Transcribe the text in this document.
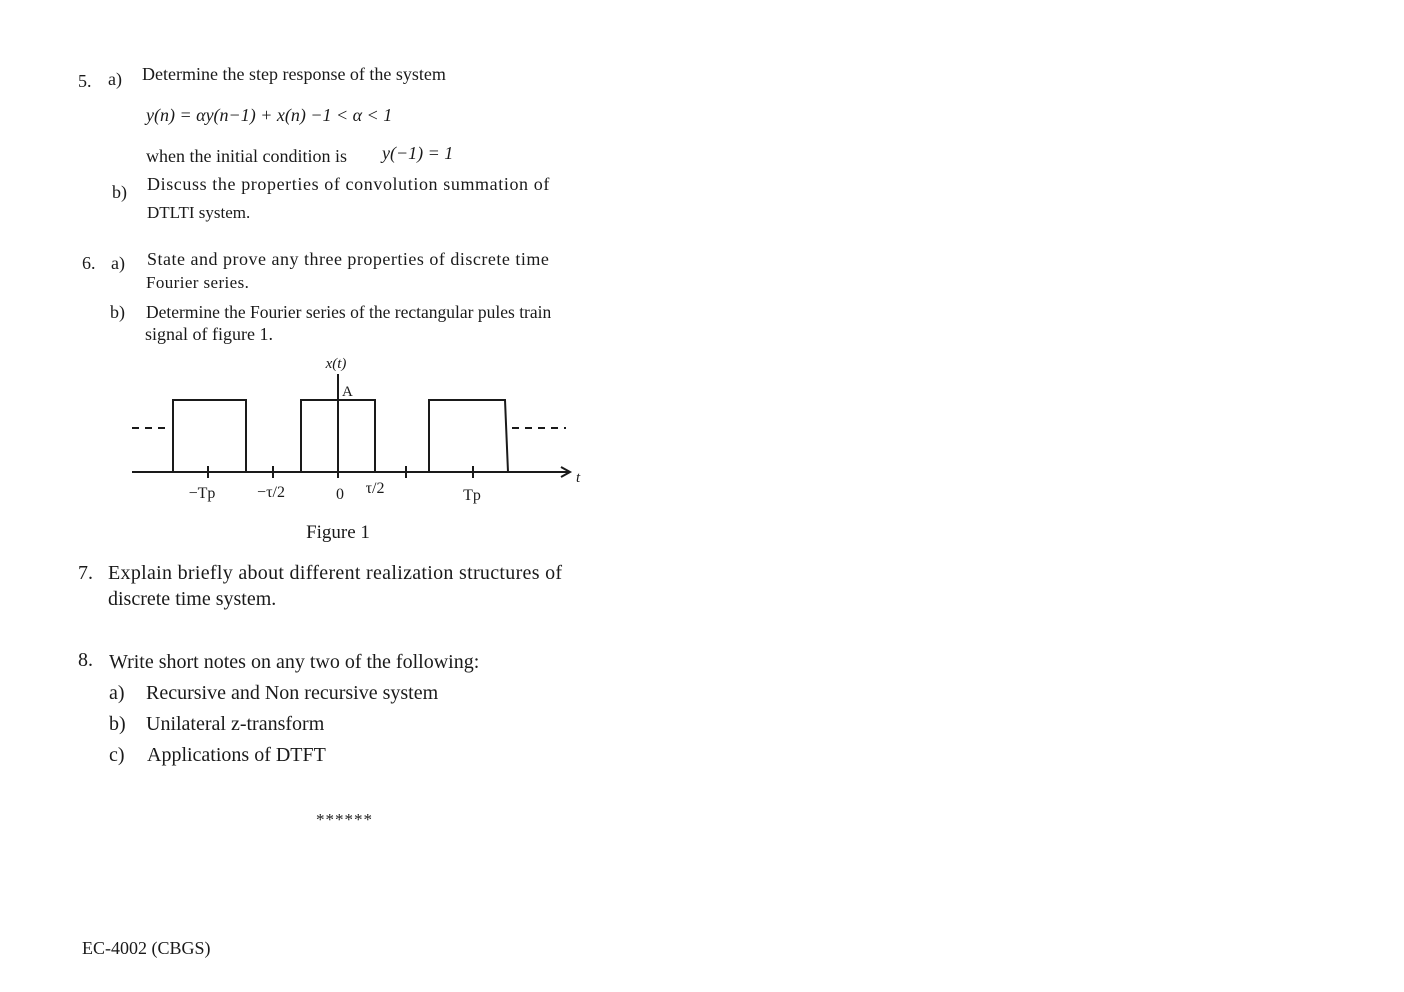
5. a) Determine the step response of the system
y(n) = αy(n−1) + x(n) −1 < α < 1
when the initial condition is y(−1) = 1
b) Discuss the properties of convolution summation of
DTLTI system.
6. a) State and prove any three properties of discrete time
Fourier series.
b) Determine the Fourier series of the rectangular pules train
signal of figure 1.
x(t)
A
t
−Tp	−τ/2	0 τ/2	Tp
Figure 1
7. Explain briefly about different realization structures of
discrete time system.
8. Write short notes on any two of the following:
a) Recursive and Non recursive system
b) Unilateral z-transform
c) Applications of DTFT
******
EC-4002 (CBGS)
